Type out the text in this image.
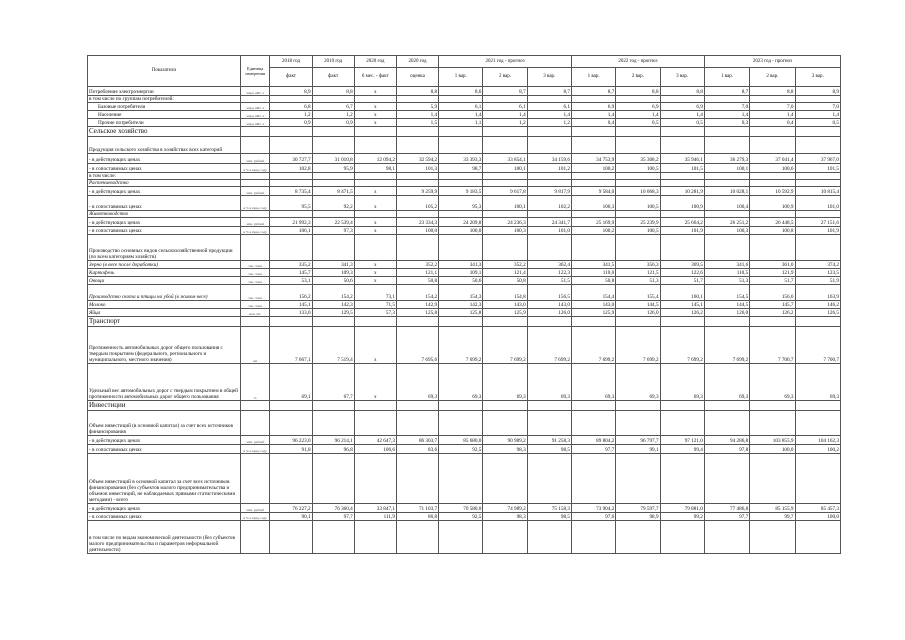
Показатели	Единица измерения	2018 год	2019 год	2020 год	2020 год	2021 год - прогноз			2022 год - прогноз			2023 год - прогноз		
		факт	факт	6 мес. - факт	оценка	1 вар.	2 вар.	3 вар.	1 вар.	2 вар.	3 вар.	1 вар.	2 вар.	3 вар.
Потребление электроэнергии	млрд. кВт. ч	8,9	8,8	x	8,8	8,6	8,7	8,7	8,7	8,8	8,8	8,7	8,8	8,9
в том числе по группам потребителей:														
Базовые потребители	млрд. кВт. ч	6,8	6,7	x	5,9	6,1	6,1	6,1	6,9	6,9	6,9	7,0	7,0	7,0
Население	млрд. кВт. ч	1,2	1,2	x	1,4	1,4	1,4	1,4	1,4	1,4	1,4	1,4	1,4	1,4
Прочие потребители	млрд. кВт. ч	0,9	0,9	x	1,5	1,1	1,2	1,2	0,4	0,5	0,5	0,3	0,4	0,5
Сельское хозяйство														
Продукция сельского хозяйства в хозяйствах всех категорий														
- в действующих ценах	млн. рублей	30 727,7	31 010,8	12 094,2	32 594,2	33 393,3	33 854,1	34 159,6	34 753,9	35 308,2	35 946,1	36 279,3	37 041,4	37 967,0
- в сопоставимых ценах	в % к пред. году	102,8	95,9	98,1	101,3	98,7	100,1	101,2	100,2	100,5	101,5	100,1	100,6	101,5
в том числе:														
Растениеводство														
- в действующих ценах	млн. рублей	8 735,4	8 471,5	x	9 259,9	9 183,5	9 617,8	9 817,9	9 584,0	10 068,3	10 281,9	10 028,1	10 592,9	10 815,4
- в сопоставимых ценах	в % к пред. году	95,5	92,2	x	105,2	95,3	100,1	102,2	100,3	100,5	100,9	100,4	100,9	101,0
Животноводство														
- в действующих ценах	млн. рублей	21 992,3	22 539,4	x	23 334,3	24 209,8	24 236,3	24 341,7	25 169,9	25 239,9	25 664,2	26 251,2	26 448,5	27 151,6
- в сопоставимых ценах	в % к пред. году	106,1	97,3	x	100,0	100,0	100,3	101,0	100,2	100,5	101,9	100,3	100,8	101,9
Производство основных видов сельскохозяйственной продукции (по всем категориям хозяйств)														
Зерно (в весе после доработки)	тыс. тонн	335,2	341,3	x	352,2	341,3	352,2	362,4	341,5	356,3	369,5	341,6	361,0	374,2
Картофель	тыс. тонн	145,7	109,3	x	121,1	109,1	121,4	122,3	110,0	121,5	122,6	110,5	121,9	123,5
Овощи	тыс. тонн	53,1	50,6	x	50,8	50,6	50,8	51,5	50,8	51,3	51,7	51,3	51,7	51,9
Производство скота и птицы на убой (в живом весе)	тыс. тонн	156,2	154,2	73,1	154,2	154,3	154,8	156,5	154,4	155,4	160,1	154,5	156,6	163,9
Молоко	тыс. тонн	145,1	142,3	71,5	142,9	142,3	143,0	143,0	143,0	144,5	145,1	144,5	145,7	146,2
Яйца	млн. шт.	133,0	129,5	57,3	125,8	125,8	125,9	126,0	125,9	126,0	126,2	126,0	126,2	126,5
Транспорт														
Протяженность автомобильных дорог общего пользования с твердым покрытием (федерального, регионального и муниципального, местного значения)	км	7 667,1	7 519,4	x	7 695,6	7 699,2	7 699,2	7 699,2	7 699,2	7 699,2	7 699,2	7 699,2	7 700,7	7 700,7
Удельный вес автомобильных дорог с твердым покрытием в общей протяженности автомобильных дорог общего пользования	%	69,1	67,7	x	69,3	69,3	69,3	69,3	69,3	69,3	69,3	69,3	69,3	69,3
Инвестиции														
Объем инвестиций (в основной капитал) за счет всех источников финансирования														
- в действующих ценах	млн. рублей	96 223,0	96 214,1	42 647,3	86 303,7	85 680,0	90 989,2	91 258,3	89 804,2	96 797,7	97 121,0	94 286,8	103 855,9	104 162,3
- в сопоставимых ценах	в % к пред. году	91,8	96,8	106,6	83,6	92,5	98,3	98,5	97,7	99,1	99,4	97,8	100,0	100,2
Объем инвестиций в основной капитал за счет всех источников финансирования (без субъектов малого предпринимательства и объемов инвестиций, не наблюдаемых прямыми статистическими методами) - всего														
- в действующих ценах	млн. рублей	76 227,2	76 360,4	33 847,1	71 103,7	70 580,0	74 989,2	75 158,3	73 904,2	79 597,7	79 881,0	77 486,8	85 155,9	85 457,3
- в сопоставимых ценах	в % к пред. году	90,1	97,7	111,9	86,8	92,5	98,3	98,5	97,6	98,9	99,2	97,7	99,7	100,0
в том числе по видам экономической деятельности (без субъектов малого предпринимательства и параметров неформальной деятельности)														
